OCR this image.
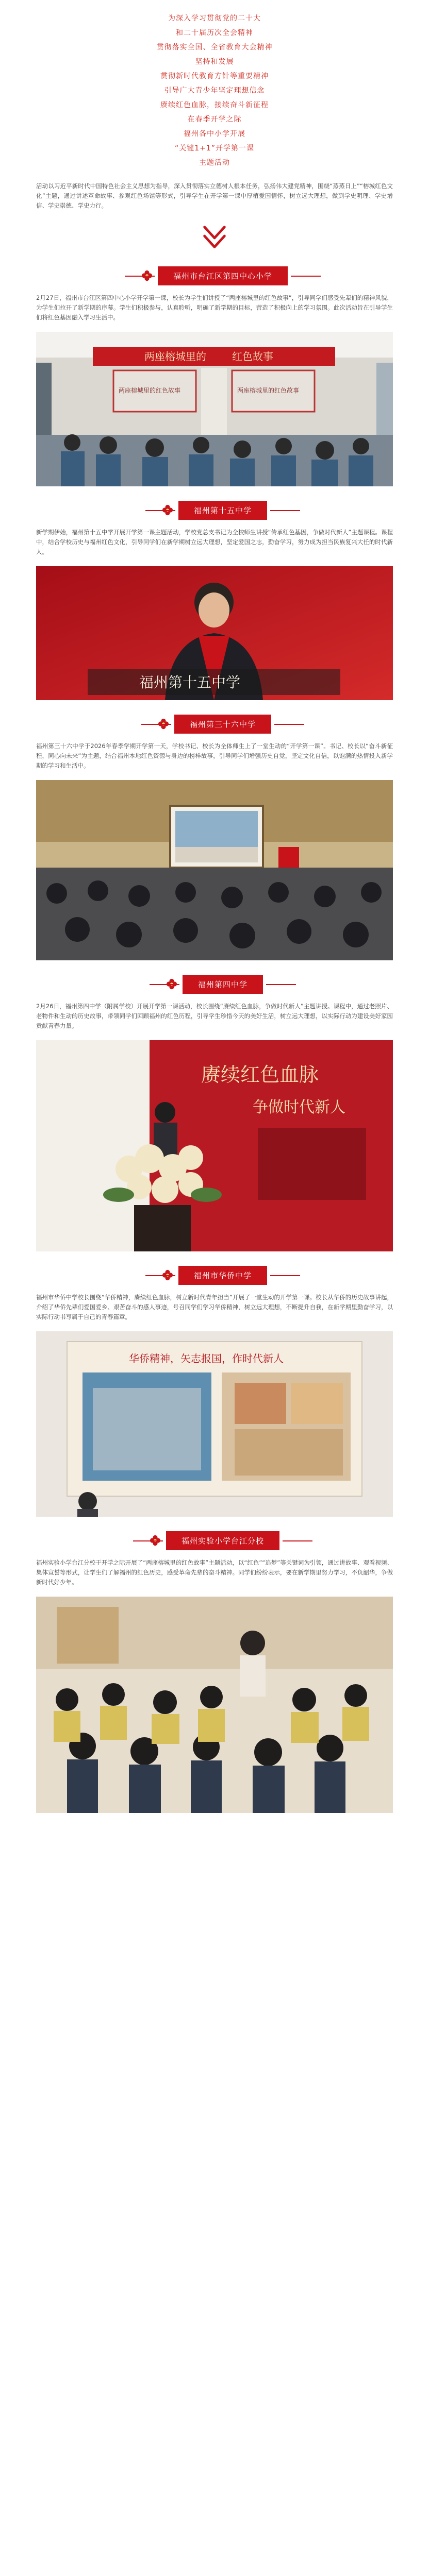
为深入学习贯彻党的二十大
和二十届历次全会精神
贯彻落实全国、全省教育大会精神
坚持和发展
贯彻新时代教育方针等重要精神
引导广大青少年坚定理想信念
赓续红色血脉，接续奋斗新征程
在春季开学之际
福州各中小学开展
“关键1+1”开学第一课
主题活动

活动以习近平新时代中国特色社会主义思想为指导，深入贯彻落实立德树人根本任务，弘扬伟大建党精神，围绕“蒸蒸日上”“榕城红色文化”主题，通过讲述革命故事、参观红色场馆等形式，引导学生在开学第一课中厚植爱国情怀，树立远大理想，做到学史明理、学史增信、学史崇德、学史力行。

福州市台江区第四中心小学

2月27日，福州市台江区第四中心小学开学第一课，校长为学生们讲授了“两座榕城里的红色故事”，引导同学们感受先辈们的精神风貌，为学生们拉开了新学期的序幕。学生们积极参与，认真聆听，明确了新学期的目标，营造了积极向上的学习氛围。此次活动旨在引导学生们将红色基因融入学习生活中。

两座榕城里的	红色故事
两座榕城里的红色故事	两座榕城里的红色故事
福州第十五中学

新学期伊始，福州第十五中学开展开学第一课主题活动，学校党总支书记为全校师生讲授“传承红色基因，争做时代新人”主题课程。课程中，结合学校历史与福州红色文化，引导同学们在新学期树立远大理想，坚定爱国之志，勤奋学习，努力成为担当民族复兴大任的时代新人。

福州第十五中学
福州第三十六中学

福州第三十六中学于2026年春季学期开学第一天，学校书记、校长为全体师生上了一堂生动的“开学第一课”。书记、校长以“奋斗新征程，同心向未来”为主题，结合福州本地红色资源与身边的榜样故事，引导同学们增强历史自觉，坚定文化自信，以饱满的热情投入新学期的学习和生活中。

福州第四中学

2月26日，福州第四中学（附属学校）开展开学第一课活动，校长围绕“赓续红色血脉，争做时代新人”主题讲授。课程中，通过老照片、老物件和生动的历史故事，带领同学们回顾福州的红色历程，引导学生珍惜今天的美好生活，树立远大理想，以实际行动为建设美好家园贡献青春力量。

赓续红色血脉
争做时代新人
福州市华侨中学

福州市华侨中学校长围绕“华侨精神，赓续红色血脉，树立新时代青年担当”开展了一堂生动的开学第一课。校长从华侨的历史故事讲起，介绍了华侨先辈们爱国爱乡、艰苦奋斗的感人事迹，号召同学们学习华侨精神，树立远大理想，不断提升自我，在新学期里勤奋学习，以实际行动书写属于自己的青春篇章。

华侨精神，矢志报国，作时代新人
福州实验小学台江分校

福州实验小学台江分校于开学之际开展了“两座榕城里的红色故事”主题活动，以“红色”“追梦”等关键词为引领，通过讲故事、观看视频、集体宣誓等形式，让学生们了解福州的红色历史，感受革命先辈的奋斗精神。同学们纷纷表示，要在新学期里努力学习，不负韶华，争做新时代好少年。
